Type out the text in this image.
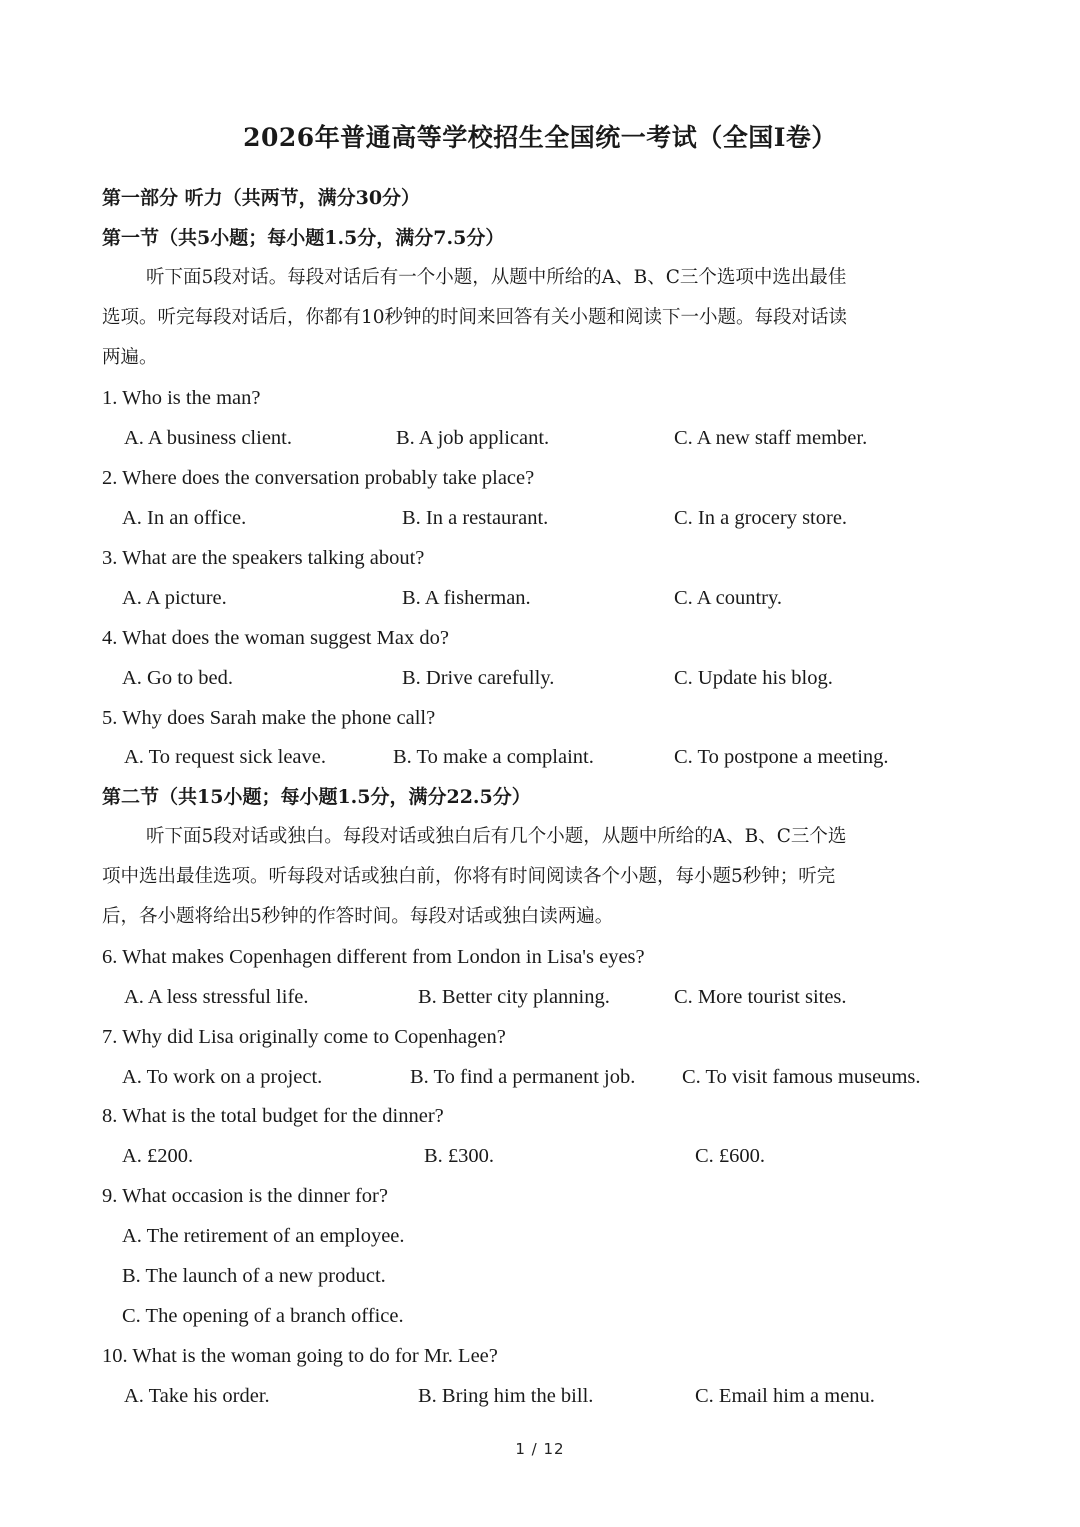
2026年普通高等学校招生全国统一考试（全国I卷）
第一部分 听力（共两节，满分30分）
第一节（共5小题；每小题1.5分，满分7.5分）
听下面5段对话。每段对话后有一个小题，从题中所给的A、B、C三个选项中选出最佳
选项。听完每段对话后，你都有10秒钟的时间来回答有关小题和阅读下一小题。每段对话读
两遍。
1. Who is the man?
A. A business client.	B. A job applicant.	C. A new staff member.
2. Where does the conversation probably take place?
A. In an office.	B. In a restaurant.	C. In a grocery store.
3. What are the speakers talking about?
A. A picture.	B. A fisherman.	C. A country.
4. What does the woman suggest Max do?
A. Go to bed.	B. Drive carefully.	C. Update his blog.
5. Why does Sarah make the phone call?
A. To request sick leave.	B. To make a complaint.	C. To postpone a meeting.
第二节（共15小题；每小题1.5分，满分22.5分）
听下面5段对话或独白。每段对话或独白后有几个小题，从题中所给的A、B、C三个选
项中选出最佳选项。听每段对话或独白前，你将有时间阅读各个小题，每小题5秒钟；听完
后，各小题将给出5秒钟的作答时间。每段对话或独白读两遍。
6. What makes Copenhagen different from London in Lisa's eyes?
A. A less stressful life.	B. Better city planning.	C. More tourist sites.
7. Why did Lisa originally come to Copenhagen?
A. To work on a project.	B. To find a permanent job. C. To visit famous museums.
8. What is the total budget for the dinner?
A. £200.	B. £300.	C. £600.
9. What occasion is the dinner for?
A. The retirement of an employee.
B. The launch of a new product.
C. The opening of a branch office.
10. What is the woman going to do for Mr. Lee?
A. Take his order.	B. Bring him the bill.	C. Email him a menu.
1 / 12
